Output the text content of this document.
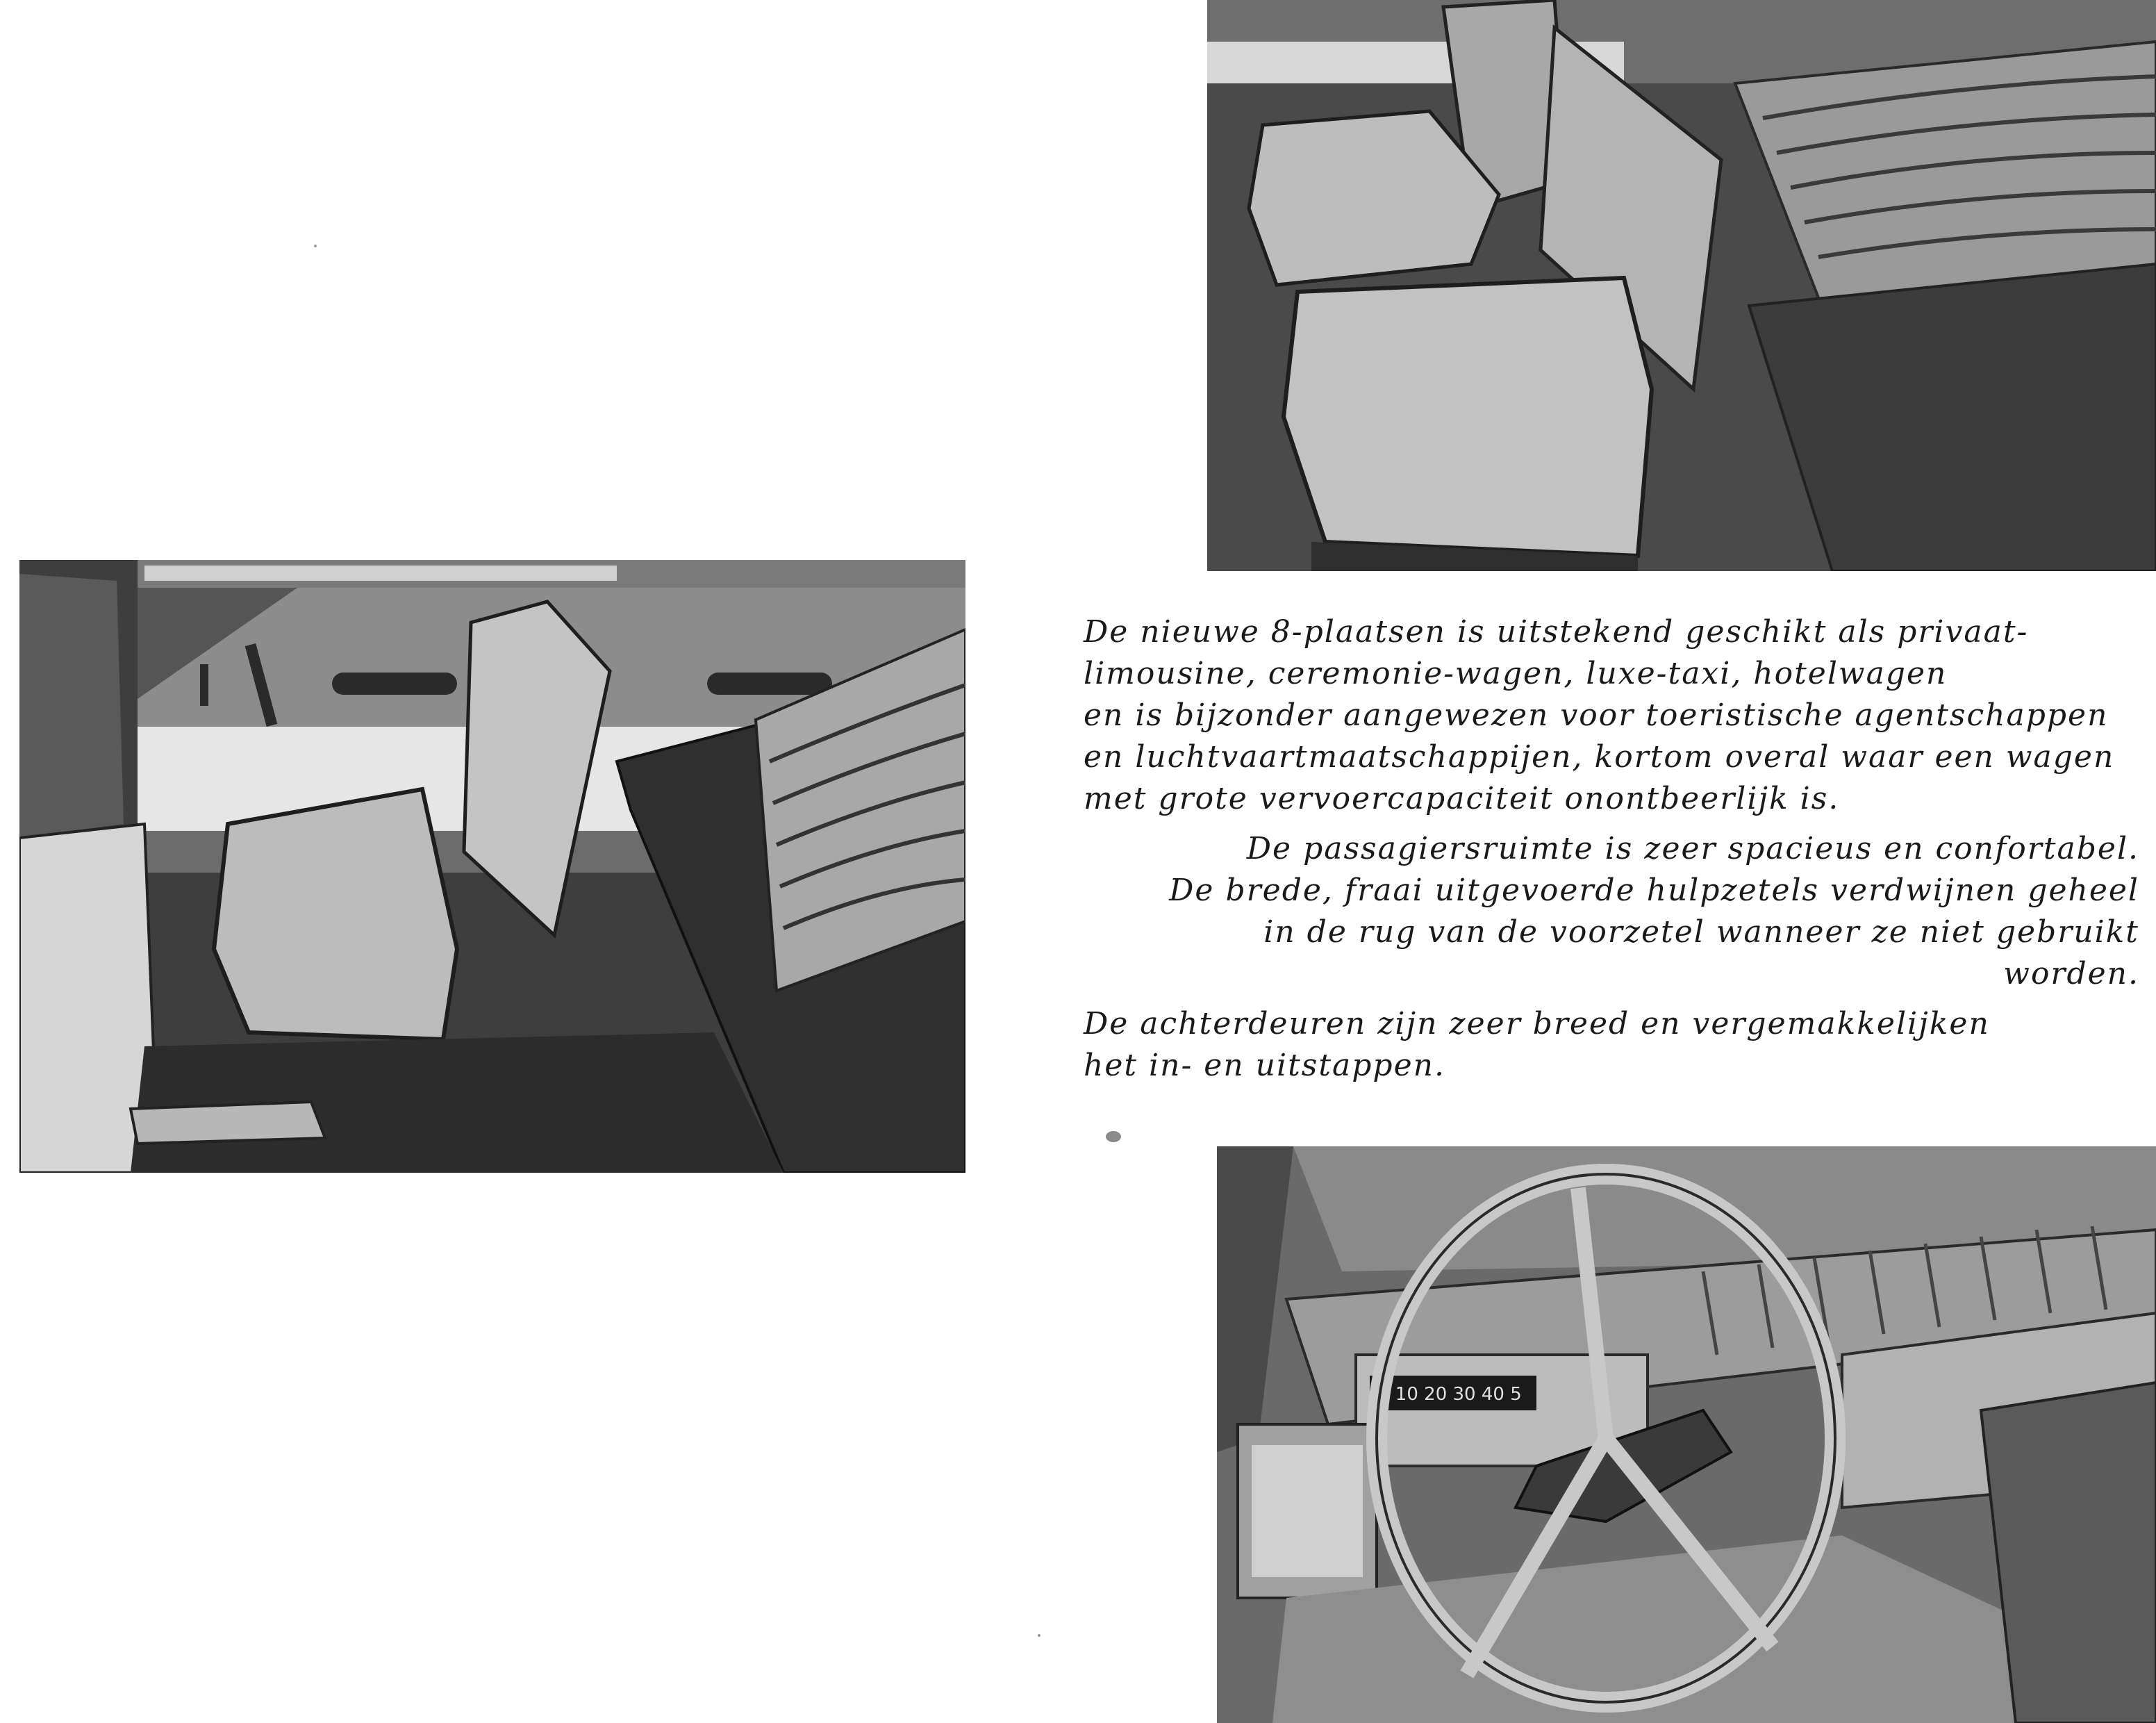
0 10 20 30 40 5
De nieuwe 8-plaatsen is uitstekend geschikt als privaat-
limousine, ceremonie-wagen, luxe-taxi, hotelwagen
en is bijzonder aangewezen voor toeristische agentschappen
en luchtvaartmaatschappijen, kortom overal waar een wagen
met grote vervoercapaciteit onontbeerlijk is.
De passagiersruimte is zeer spacieus en confortabel.
De brede, fraai uitgevoerde hulpzetels verdwijnen geheel
in de rug van de voorzetel wanneer ze niet gebruikt
worden.
De achterdeuren zijn zeer breed en vergemakkelijken
het in- en uitstappen.
